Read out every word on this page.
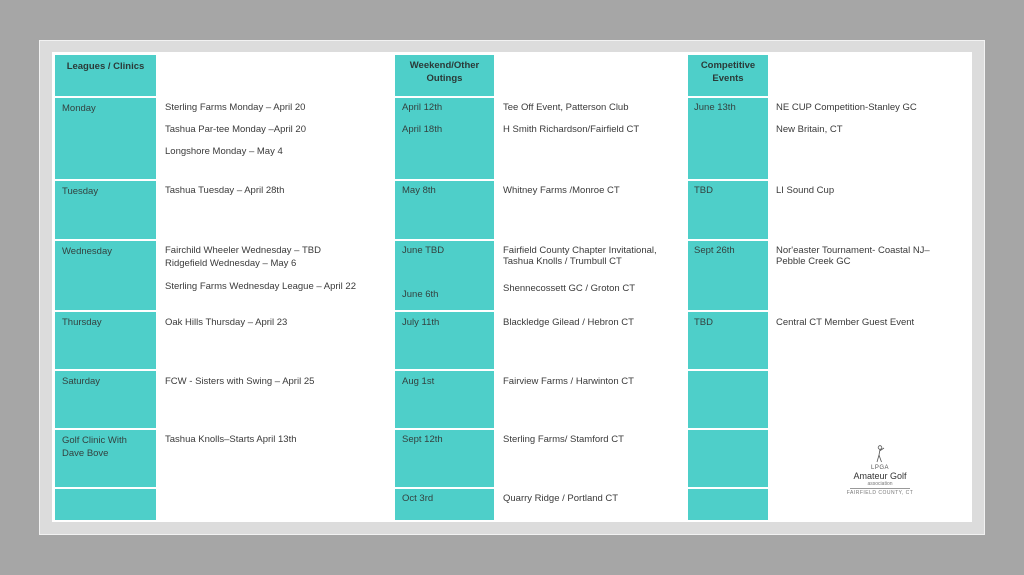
Leagues / Clinics
Monday
Tuesday
Wednesday
Thursday
Saturday
Golf Clinic With Dave Bove
Sterling Farms Monday – April 20
Tashua Par-tee Monday –April 20
Longshore Monday – May 4
Tashua Tuesday – April 28th
Fairchild Wheeler Wednesday – TBD
Ridgefield Wednesday – May 6
Sterling Farms Wednesday League – April 22
Oak Hills Thursday – April 23
FCW - Sisters with Swing – April 25
Tashua Knolls–Starts April 13th
Weekend/Other Outings
April 12th
April 18th
May 8th
June TBD
June 6th
July 11th
Aug 1st
Sept 12th
Oct 3rd
Tee Off Event, Patterson Club
H Smith Richardson/Fairfield CT
Whitney Farms /Monroe CT
Fairfield County Chapter Invitational, Tashua Knolls / Trumbull CT
Shennecossett GC / Groton CT
Blackledge Gilead / Hebron CT
Fairview Farms / Harwinton CT
Sterling Farms/ Stamford CT
Quarry Ridge / Portland CT
Competitive Events
June 13th
TBD
Sept 26th
TBD
NE CUP Competition-Stanley GC
New Britain, CT
LI Sound Cup
Nor'easter Tournament- Coastal NJ– Pebble Creek GC
Central CT Member Guest Event
LPGA
Amateur Golf
association
FAIRFIELD COUNTY, CT
